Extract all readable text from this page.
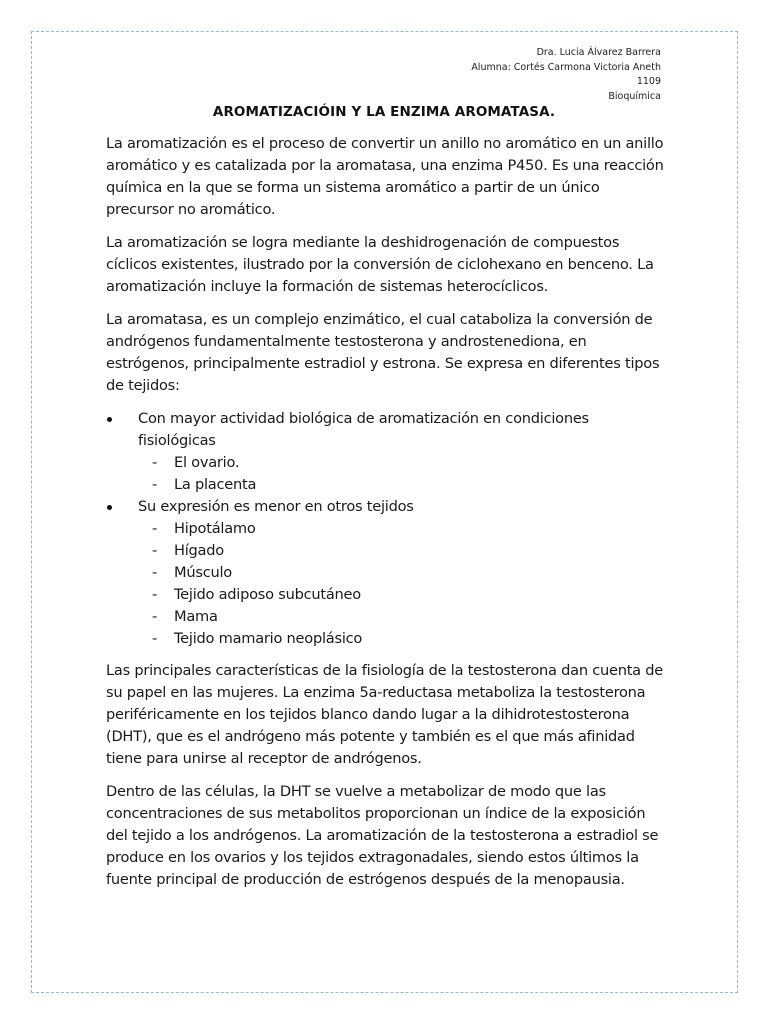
Dra. Lucia Álvarez Barrera
Alumna: Cortés Carmona Victoria Aneth
1109
Bioquímica
AROMATIZACIÓIN Y LA ENZIMA AROMATASA.

La aromatización es el proceso de convertir un anillo no aromático en un anillo aromático y es catalizada por la aromatasa, una enzima P450. Es una reacción química en la que se forma un sistema aromático a partir de un único precursor no aromático.

La aromatización se logra mediante la deshidrogenación de compuestos cíclicos existentes, ilustrado por la conversión de ciclohexano en benceno. La aromatización incluye la formación de sistemas heterocíclicos.

La aromatasa, es un complejo enzimático, el cual cataboliza la conversión de andrógenos fundamentalmente testosterona y androstenediona, en estrógenos, principalmente estradiol y estrona. Se expresa en diferentes tipos de tejidos:

Con mayor actividad biológica de aromatización en condiciones fisiológicas
- El ovario.
- La placenta
Su expresión es menor en otros tejidos
- Hipotálamo
- Hígado
- Músculo
- Tejido adiposo subcutáneo
- Mama
- Tejido mamario neoplásico

Las principales características de la fisiología de la testosterona dan cuenta de su papel en las mujeres. La enzima 5a-reductasa metaboliza la testosterona periféricamente en los tejidos blanco dando lugar a la dihidrotestosterona (DHT), que es el andrógeno más potente y también es el que más afinidad tiene para unirse al receptor de andrógenos.

Dentro de las células, la DHT se vuelve a metabolizar de modo que las concentraciones de sus metabolitos proporcionan un índice de la exposición del tejido a los andrógenos. La aromatización de la testosterona a estradiol se produce en los ovarios y los tejidos extragonadales, siendo estos últimos la fuente principal de producción de estrógenos después de la menopausia.
